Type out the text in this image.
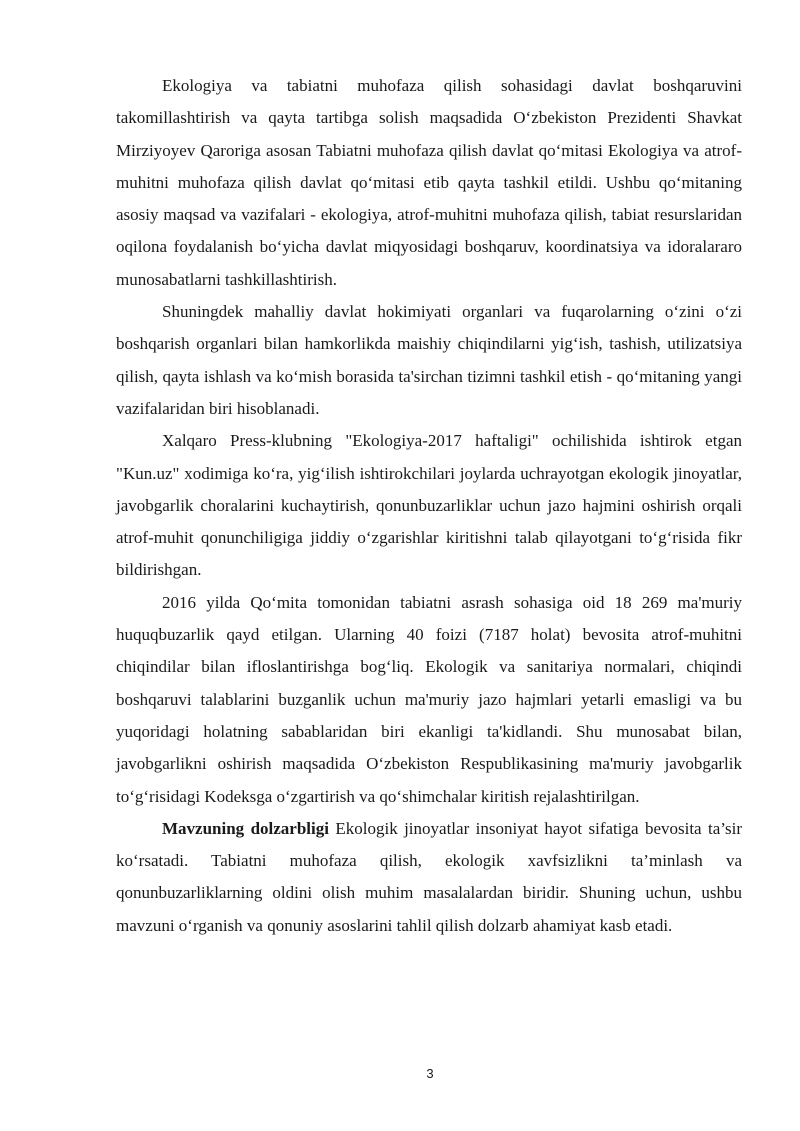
Ekologiya va tabiatni muhofaza qilish sohasidagi davlat boshqaruvini takomillashtirish va qayta tartibga solish maqsadida O‘zbekiston Prezidenti Shavkat Mirziyoyev Qaroriga asosan Tabiatni muhofaza qilish davlat qo‘mitasi Ekologiya va atrof-muhitni muhofaza qilish davlat qo‘mitasi etib qayta tashkil etildi. Ushbu qo‘mitaning asosiy maqsad va vazifalari - ekologiya, atrof-muhitni muhofaza qilish, tabiat resurslaridan oqilona foydalanish bo‘yicha davlat miqyosidagi boshqaruv, koordinatsiya va idoralararo munosabatlarni tashkillashtirish.

Shuningdek mahalliy davlat hokimiyati organlari va fuqarolarning o‘zini o‘zi boshqarish organlari bilan hamkorlikda maishiy chiqindilarni yig‘ish, tashish, utilizatsiya qilish, qayta ishlash va ko‘mish borasida ta'sirchan tizimni tashkil etish - qo‘mitaning yangi vazifalaridan biri hisoblanadi.

Xalqaro Press-klubning "Ekologiya-2017 haftaligi" ochilishida ishtirok etgan "Kun.uz" xodimiga ko‘ra, yig‘ilish ishtirokchilari joylarda uchrayotgan ekologik jinoyatlar, javobgarlik choralarini kuchaytirish, qonunbuzarliklar uchun jazo hajmini oshirish orqali atrof-muhit qonunchiligiga jiddiy o‘zgarishlar kiritishni talab qilayotgani to‘g‘risida fikr bildirishgan.

2016 yilda Qo‘mita tomonidan tabiatni asrash sohasiga oid 18 269 ma'muriy huquqbuzarlik qayd etilgan. Ularning 40 foizi (7187 holat) bevosita atrof-muhitni chiqindilar bilan ifloslantirishga bog‘liq. Ekologik va sanitariya normalari, chiqindi boshqaruvi talablarini buzganlik uchun ma'muriy jazo hajmlari yetarli emasligi va bu yuqoridagi holatning sabablaridan biri ekanligi ta'kidlandi. Shu munosabat bilan, javobgarlikni oshirish maqsadida O‘zbekiston Respublikasining ma'muriy javobgarlik to‘g‘risidagi Kodeksga o‘zgartirish va qo‘shimchalar kiritish rejalashtirilgan.

Mavzuning dolzarbligi Ekologik jinoyatlar insoniyat hayot sifatiga bevosita ta’sir ko‘rsatadi. Tabiatni muhofaza qilish, ekologik xavfsizlikni ta’minlash va qonunbuzarliklarning oldini olish muhim masalalardan biridir. Shuning uchun, ushbu mavzuni o‘rganish va qonuniy asoslarini tahlil qilish dolzarb ahamiyat kasb etadi.

3
